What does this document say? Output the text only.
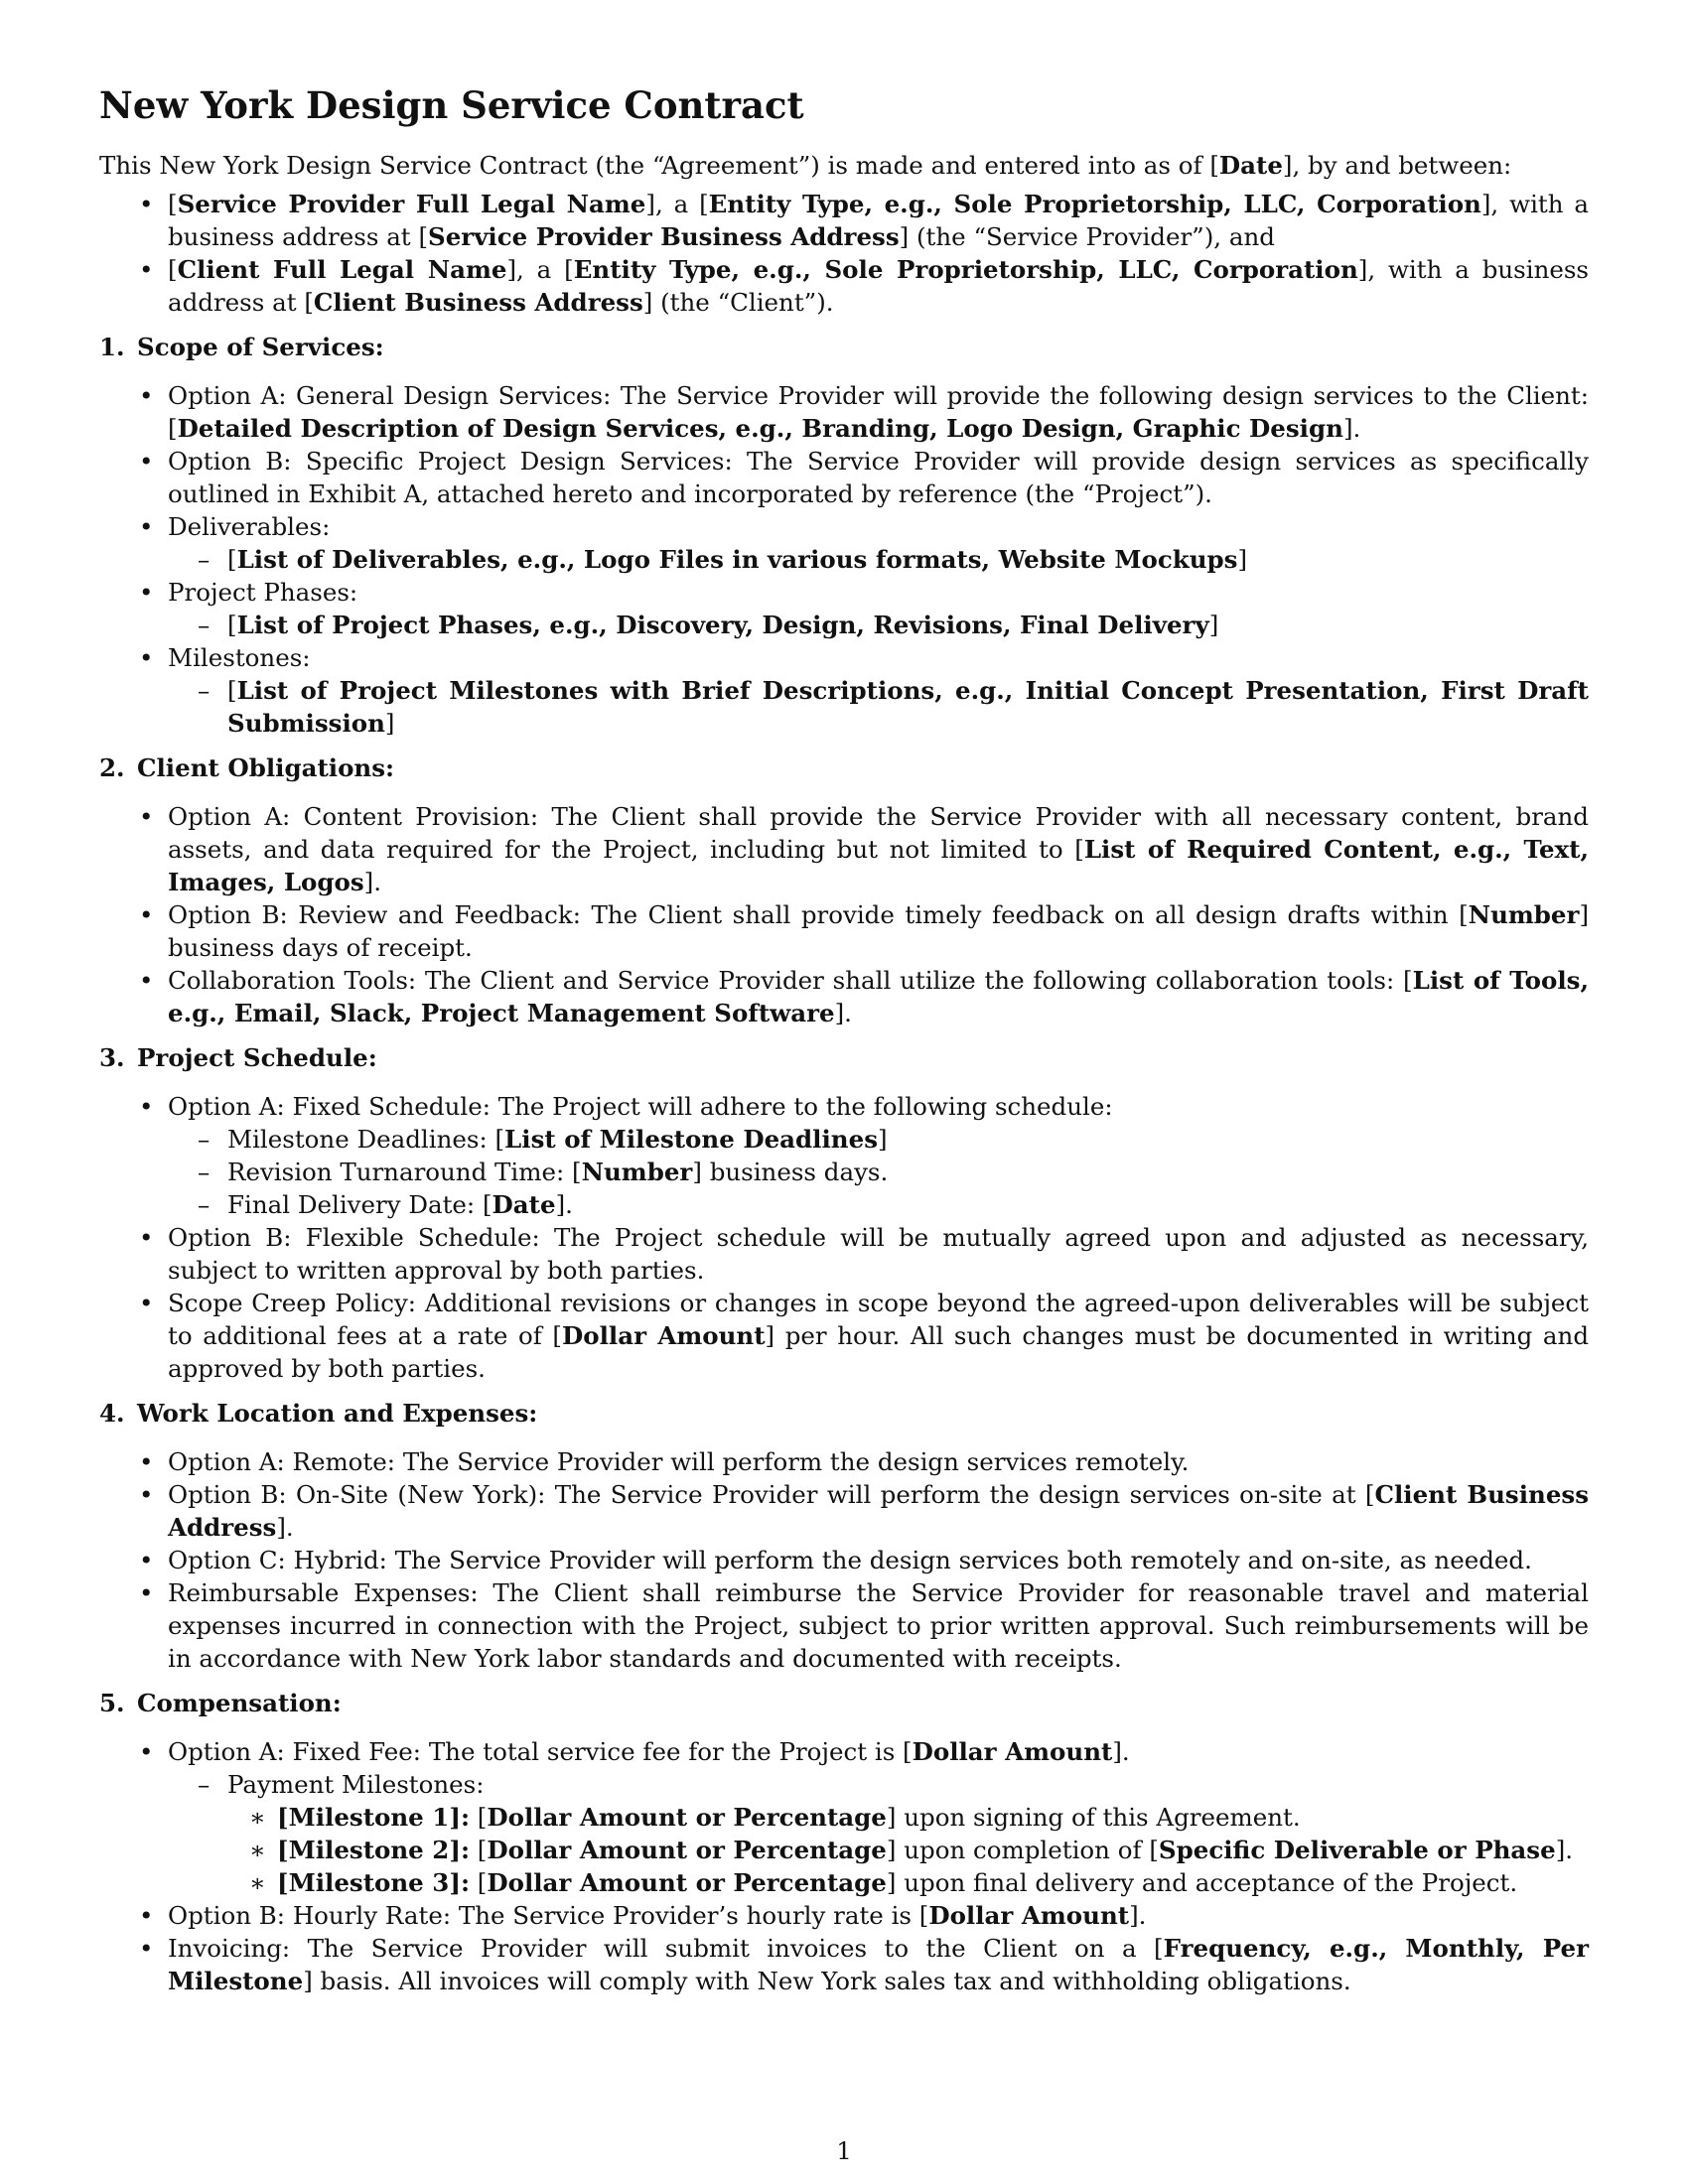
New York Design Service Contract

This New York Design Service Contract (the “Agreement”) is made and entered into as of [Date], by and between:

• [Service Provider Full Legal Name], a [Entity Type, e.g., Sole Proprietorship, LLC, Corporation], with a business address at [Service Provider Business Address] (the “Service Provider”), and
• [Client Full Legal Name], a [Entity Type, e.g., Sole Proprietorship, LLC, Corporation], with a business address at [Client Business Address] (the “Client”).
1. Scope of Services:
• Option A: General Design Services: The Service Provider will provide the following design services to the Client: [Detailed Description of Design Services, e.g., Branding, Logo Design, Graphic Design].
• Option B: Specific Project Design Services: The Service Provider will provide design services as specifically outlined in Exhibit A, attached hereto and incorporated by reference (the “Project”).
• Deliverables:
– [List of Deliverables, e.g., Logo Files in various formats, Website Mockups]
• Project Phases:
– [List of Project Phases, e.g., Discovery, Design, Revisions, Final Delivery]
• Milestones:
– [List of Project Milestones with Brief Descriptions, e.g., Initial Concept Presentation, First Draft Submission]
2. Client Obligations:
• Option A: Content Provision: The Client shall provide the Service Provider with all necessary content, brand assets, and data required for the Project, including but not limited to [List of Required Content, e.g., Text, Images, Logos].
• Option B: Review and Feedback: The Client shall provide timely feedback on all design drafts within [Number] business days of receipt.
• Collaboration Tools: The Client and Service Provider shall utilize the following collaboration tools: [List of Tools, e.g., Email, Slack, Project Management Software].
3. Project Schedule:
• Option A: Fixed Schedule: The Project will adhere to the following schedule:
– Milestone Deadlines: [List of Milestone Deadlines]
– Revision Turnaround Time: [Number] business days.
– Final Delivery Date: [Date].
• Option B: Flexible Schedule: The Project schedule will be mutually agreed upon and adjusted as necessary, subject to written approval by both parties.
• Scope Creep Policy: Additional revisions or changes in scope beyond the agreed-upon deliverables will be subject to additional fees at a rate of [Dollar Amount] per hour. All such changes must be documented in writing and approved by both parties.
4. Work Location and Expenses:
• Option A: Remote: The Service Provider will perform the design services remotely.
• Option B: On-Site (New York): The Service Provider will perform the design services on-site at [Client Business Address].
• Option C: Hybrid: The Service Provider will perform the design services both remotely and on-site, as needed.
• Reimbursable Expenses: The Client shall reimburse the Service Provider for reasonable travel and material expenses incurred in connection with the Project, subject to prior written approval. Such reimbursements will be in accordance with New York labor standards and documented with receipts.
5. Compensation:
• Option A: Fixed Fee: The total service fee for the Project is [Dollar Amount].
– Payment Milestones:
∗ [Milestone 1]: [Dollar Amount or Percentage] upon signing of this Agreement.
∗ [Milestone 2]: [Dollar Amount or Percentage] upon completion of [Specific Deliverable or Phase].
∗ [Milestone 3]: [Dollar Amount or Percentage] upon final delivery and acceptance of the Project.
• Option B: Hourly Rate: The Service Provider’s hourly rate is [Dollar Amount].
• Invoicing: The Service Provider will submit invoices to the Client on a [Frequency, e.g., Monthly, Per Milestone] basis. All invoices will comply with New York sales tax and withholding obligations.
1
